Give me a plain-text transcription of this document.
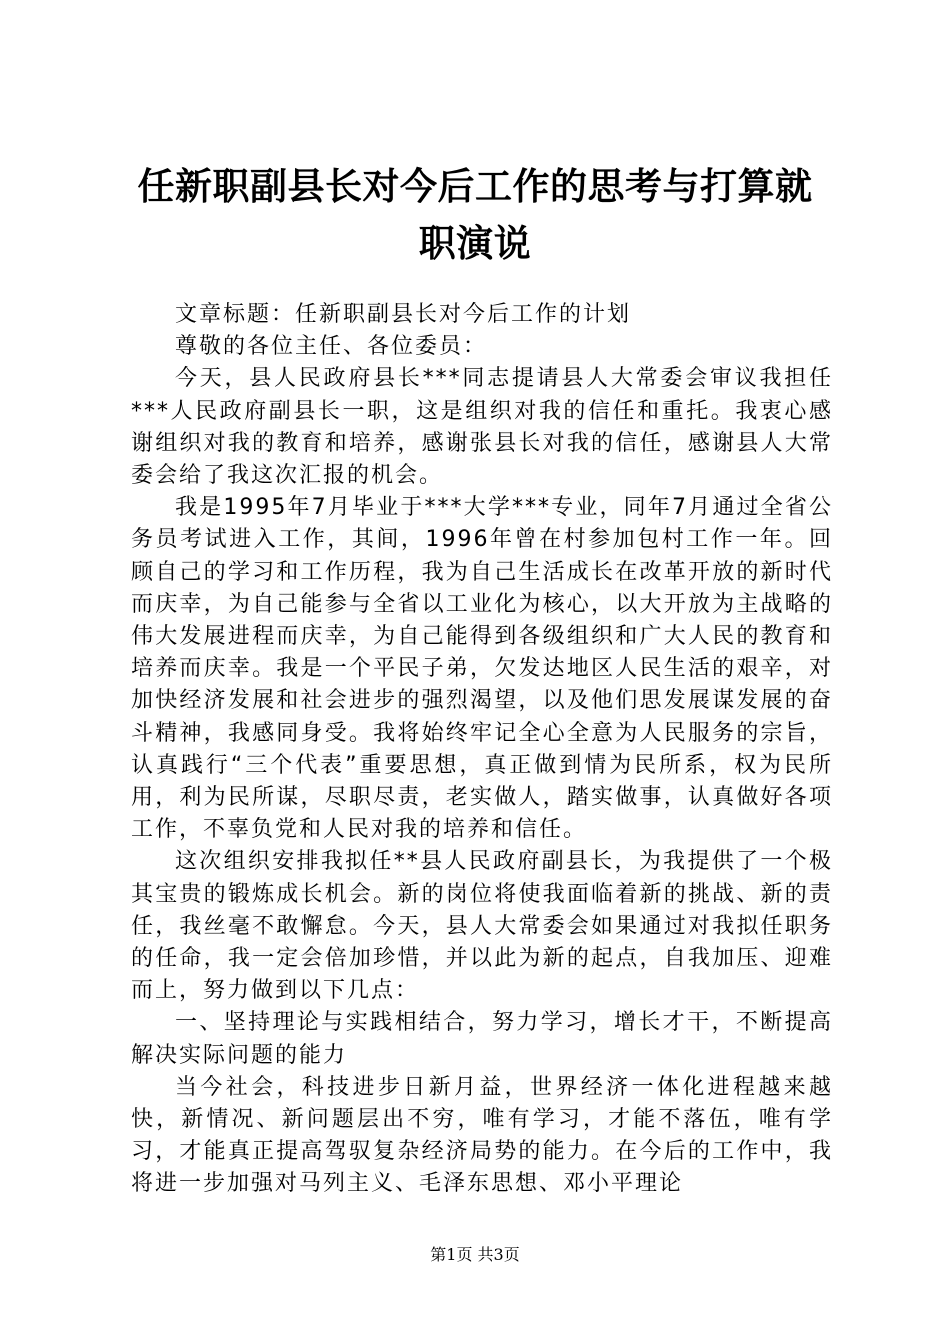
任新职副县长对今后工作的思考与打算就职演说

文章标题：任新职副县长对今后工作的计划

尊敬的各位主任、各位委员：

今天，县人民政府县长***同志提请县人大常委会审议我担任***人民政府副县长一职，这是组织对我的信任和重托。我衷心感谢组织对我的教育和培养，感谢张县长对我的信任，感谢县人大常委会给了我这次汇报的机会。

我是1995年7月毕业于***大学***专业，同年7月通过全省公务员考试进入工作，其间，1996年曾在村参加包村工作一年。回顾自己的学习和工作历程，我为自己生活成长在改革开放的新时代而庆幸，为自己能参与全省以工业化为核心，以大开放为主战略的伟大发展进程而庆幸，为自己能得到各级组织和广大人民的教育和培养而庆幸。我是一个平民子弟，欠发达地区人民生活的艰辛，对加快经济发展和社会进步的强烈渴望，以及他们思发展谋发展的奋斗精神，我感同身受。我将始终牢记全心全意为人民服务的宗旨，认真践行“三个代表”重要思想，真正做到情为民所系，权为民所用，利为民所谋，尽职尽责，老实做人，踏实做事，认真做好各项工作，不辜负党和人民对我的培养和信任。

这次组织安排我拟任**县人民政府副县长，为我提供了一个极其宝贵的锻炼成长机会。新的岗位将使我面临着新的挑战、新的责任，我丝毫不敢懈怠。今天，县人大常委会如果通过对我拟任职务的任命，我一定会倍加珍惜，并以此为新的起点，自我加压、迎难而上，努力做到以下几点：

一、坚持理论与实践相结合，努力学习，增长才干，不断提高解决实际问题的能力

当今社会，科技进步日新月益，世界经济一体化进程越来越快，新情况、新问题层出不穷，唯有学习，才能不落伍，唯有学习，才能真正提高驾驭复杂经济局势的能力。在今后的工作中，我将进一步加强对马列主义、毛泽东思想、邓小平理论

第1页 共3页
